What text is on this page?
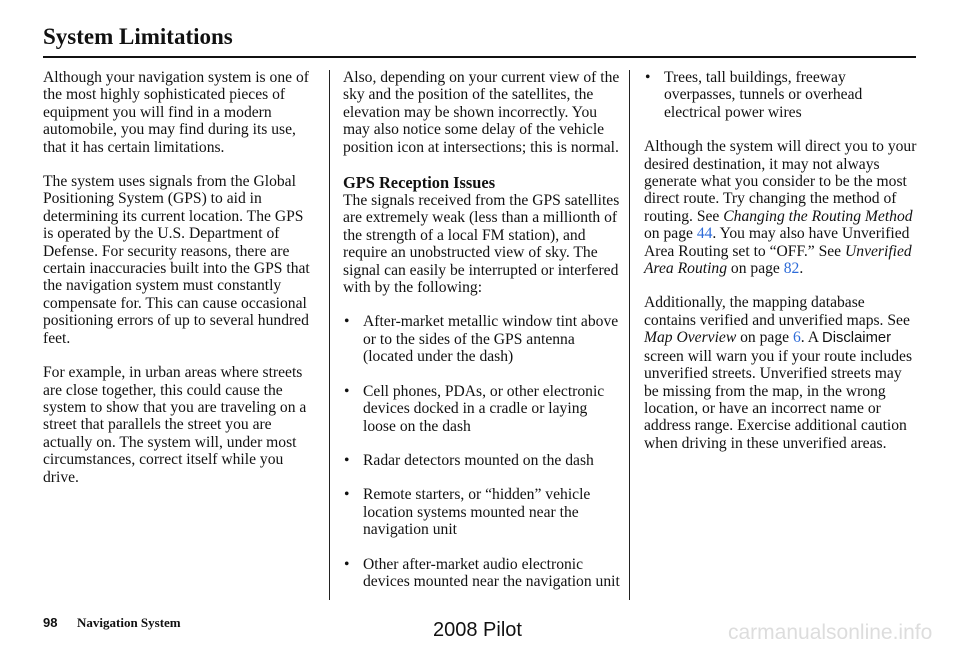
System Limitations

Although your navigation system is one of the most highly sophisticated pieces of equipment you will find in a modern automobile, you may find during its use, that it has certain limitations.

The system uses signals from the Global Positioning System (GPS) to aid in determining its current location. The GPS is operated by the U.S. Department of Defense. For security reasons, there are certain inaccuracies built into the GPS that the navigation system must constantly compensate for. This can cause occasional positioning errors of up to several hundred feet.

For example, in urban areas where streets are close together, this could cause the system to show that you are traveling on a street that parallels the street you are actually on. The system will, under most circumstances, correct itself while you drive.

Also, depending on your current view of the sky and the position of the satellites, the elevation may be shown incorrectly. You may also notice some delay of the vehicle position icon at intersections; this is normal.

GPS Reception Issues

The signals received from the GPS satellites are extremely weak (less than a millionth of the strength of a local FM station), and require an unobstructed view of sky. The signal can easily be interrupted or interfered with by the following:

• After-market metallic window tint above or to the sides of the GPS antenna (located under the dash)
• Cell phones, PDAs, or other electronic devices docked in a cradle or laying loose on the dash
• Radar detectors mounted on the dash
• Remote starters, or “hidden” vehicle location systems mounted near the navigation unit
• Other after-market audio electronic devices mounted near the navigation unit
• Trees, tall buildings, freeway overpasses, tunnels or overhead electrical power wires

Although the system will direct you to your desired destination, it may not always generate what you consider to be the most direct route. Try changing the method of routing. See Changing the Routing Method on page 44. You may also have Unverified Area Routing set to “OFF.” See Unverified Area Routing on page 82.

Additionally, the mapping database contains verified and unverified maps. See Map Overview on page 6. A Disclaimer screen will warn you if your route includes unverified streets. Unverified streets may be missing from the map, in the wrong location, or have an incorrect name or address range. Exercise additional caution when driving in these unverified areas.

98 Navigation System	2008 Pilot	carmanualsonline.info
